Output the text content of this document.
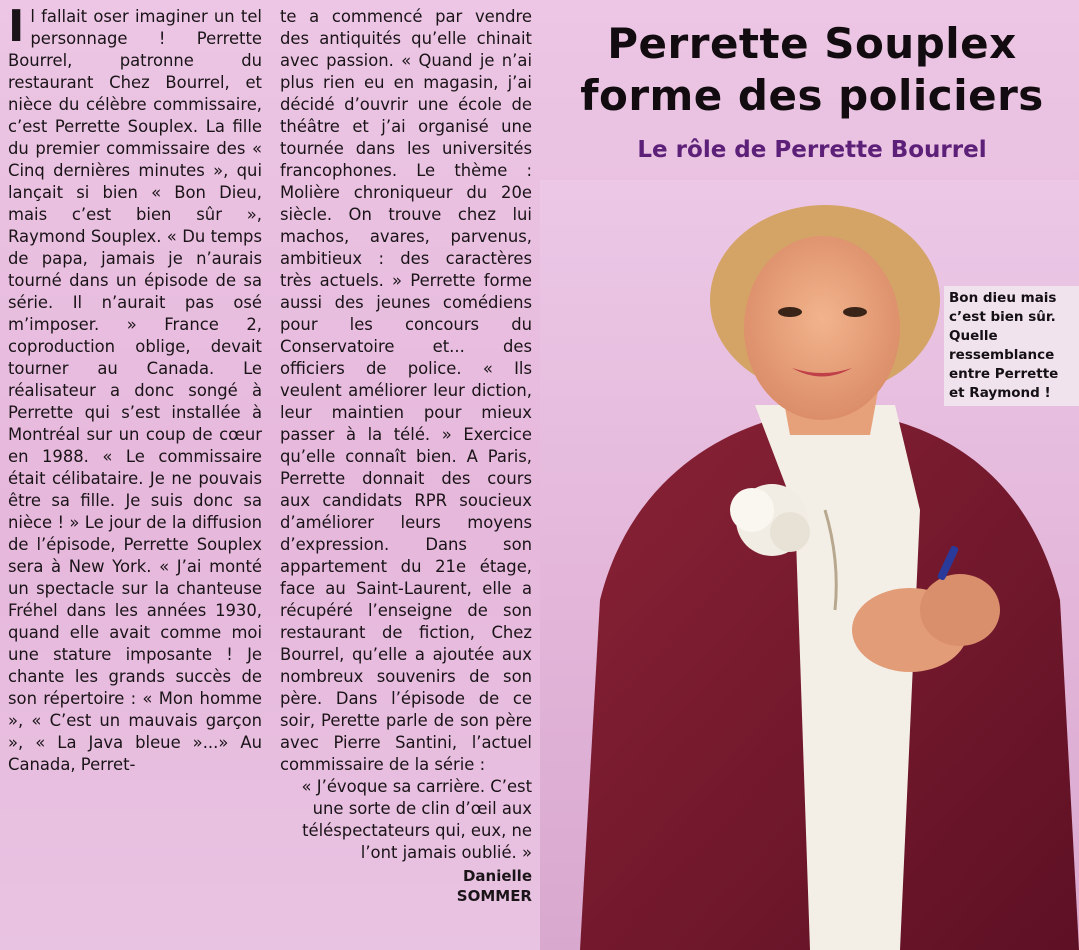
Il fallait oser imaginer un tel personnage ! Perrette Bourrel, patronne du restaurant Chez Bourrel, et nièce du célèbre commissaire, c’est Perrette Souplex. La fille du premier commissaire des « Cinq dernières minutes », qui lançait si bien « Bon Dieu, mais c’est bien sûr », Raymond Souplex. « Du temps de papa, jamais je n’aurais tourné dans un épisode de sa série. Il n’aurait pas osé m’imposer. » France 2, coproduction oblige, devait tourner au Canada. Le réalisateur a donc songé à Perrette qui s’est installée à Montréal sur un coup de cœur en 1988. « Le commissaire était célibataire. Je ne pouvais être sa fille. Je suis donc sa nièce ! » Le jour de la diffusion de l’épisode, Perrette Souplex sera à New York. « J’ai monté un spectacle sur la chanteuse Fréhel dans les années 1930, quand elle avait comme moi une stature imposante ! Je chante les grands succès de son répertoire : « Mon homme », « C’est un mauvais garçon », « La Java bleue »...» Au Canada, Perret-

te a commencé par vendre des antiquités qu’elle chinait avec passion. « Quand je n’ai plus rien eu en magasin, j’ai décidé d’ouvrir une école de théâtre et j’ai organisé une tournée dans les universités francophones. Le thème : Molière chroniqueur du 20e siècle. On trouve chez lui machos, avares, parvenus, ambitieux : des caractères très actuels. » Perrette forme aussi des jeunes comédiens pour les concours du Conservatoire et... des officiers de police. « Ils veulent améliorer leur diction, leur maintien pour mieux passer à la télé. » Exercice qu’elle connaît bien. A Paris, Perrette donnait des cours aux candidats RPR soucieux d’améliorer leurs moyens d’expression. Dans son appartement du 21e étage, face au Saint-Laurent, elle a récupéré l’enseigne de son restaurant de fiction, Chez Bourrel, qu’elle a ajoutée aux nombreux souvenirs de son père. Dans l’épisode de ce soir, Perette parle de son père avec Pierre Santini, l’actuel commissaire de la série :

« J’évoque sa carrière. C’est une sorte de clin d’œil aux téléspectateurs qui, eux, ne l’ont jamais oublié. »

Danielle
SOMMER
Perrette Souplex
forme des policiers
Le rôle de Perrette Bourrel
Bon dieu mais c’est bien sûr. Quelle ressemblance entre Perrette et Raymond !
